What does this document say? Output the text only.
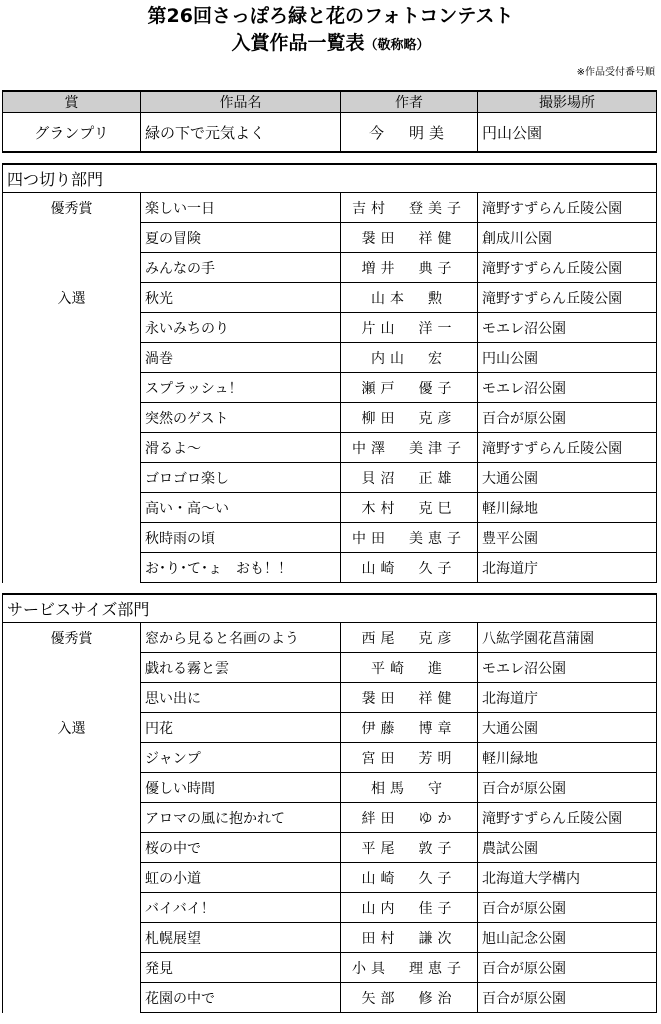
第26回さっぽろ緑と花のフォトコンテスト
入賞作品一覧表（敬称略）
※作品受付番号順
賞	作品名	作者	撮影場所
グランプリ	緑の下で元気よく	今　明美	円山公園

四つ切り部門			
優秀賞	楽しい一日	吉村　登美子	滝野すずらん丘陵公園
	夏の冒険	袰田　祥健	創成川公園
	みんなの手	増井　典子	滝野すずらん丘陵公園
入選	秋光	山本　勲	滝野すずらん丘陵公園
	永いみちのり	片山　洋一	モエレ沼公園
	渦巻	内山　宏	円山公園
	スプラッシュ！	瀬戸　優子	モエレ沼公園
	突然のゲスト	柳田　克彦	百合が原公園
	滑るよ～	中澤　美津子	滝野すずらん丘陵公園
	ゴロゴロ楽し	貝沼　正雄	大通公園
	高い・高～い	木村　克巳	軽川緑地
	秋時雨の頃	中田　美恵子	豊平公園
	お･り･て･ょ　おも！！	山崎　久子	北海道庁

サービスサイズ部門			
優秀賞	窓から見ると名画のよう	西尾　克彦	八紘学園花菖蒲園
	戯れる霧と雲	平崎　進	モエレ沼公園
	思い出に	袰田　祥健	北海道庁
入選	円花	伊藤　博章	大通公園
	ジャンプ	宮田　芳明	軽川緑地
	優しい時間	相馬　守	百合が原公園
	アロマの風に抱かれて	絆田　ゆか	滝野すずらん丘陵公園
	桜の中で	平尾　敦子	農試公園
	虹の小道	山崎　久子	北海道大学構内
	バイバイ！	山内　佳子	百合が原公園
	札幌展望	田村　謙次	旭山記念公園
	発見	小具　理恵子	百合が原公園
	花園の中で	矢部　修治	百合が原公園
